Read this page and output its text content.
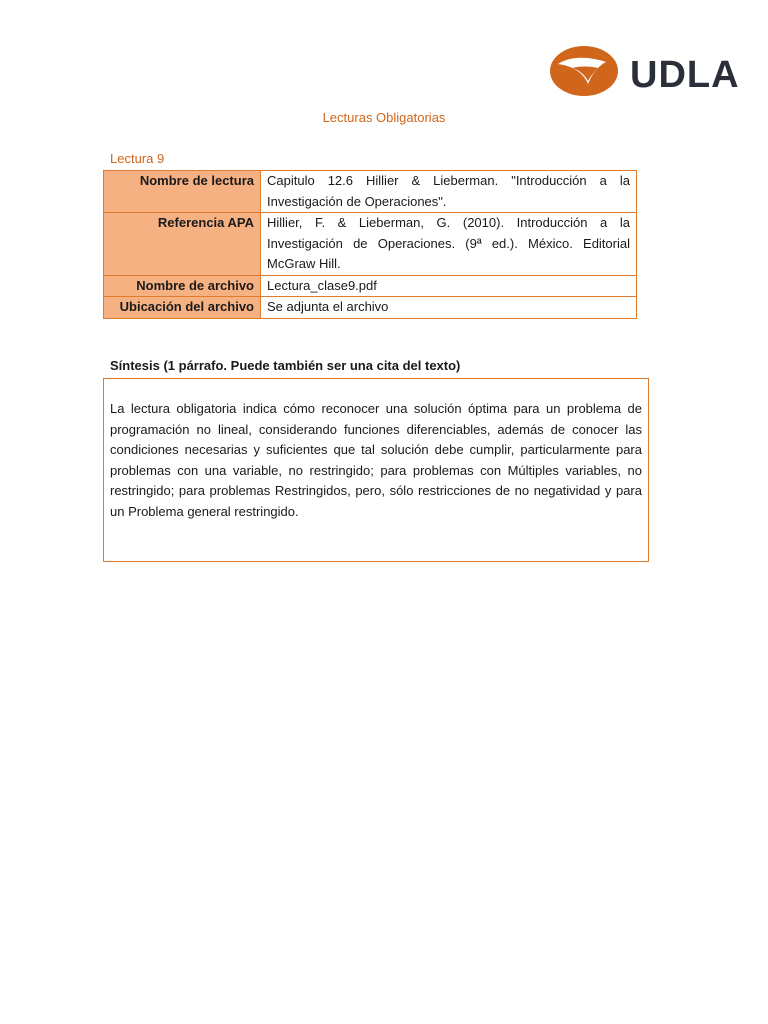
UDLA
Lecturas Obligatorias
Lectura 9
Nombre de lectura	Capitulo 12.6 Hillier & Lieberman. "Introducción a la Investigación de Operaciones".
Referencia APA	Hillier, F. & Lieberman, G. (2010). Introducción a la Investigación de Operaciones. (9ª ed.). México. Editorial McGraw Hill.
Nombre de archivo	Lectura_clase9.pdf
Ubicación del archivo	Se adjunta el archivo
Síntesis (1 párrafo. Puede también ser una cita del texto)

La lectura obligatoria indica cómo reconocer una solución óptima para un problema de programación no lineal, considerando funciones diferenciables, además de conocer las condiciones necesarias y suficientes que tal solución debe cumplir, particularmente para problemas con una variable, no restringido; para problemas con Múltiples variables, no restringido; para problemas Restringidos, pero, sólo restricciones de no negatividad y para un Problema general restringido.
